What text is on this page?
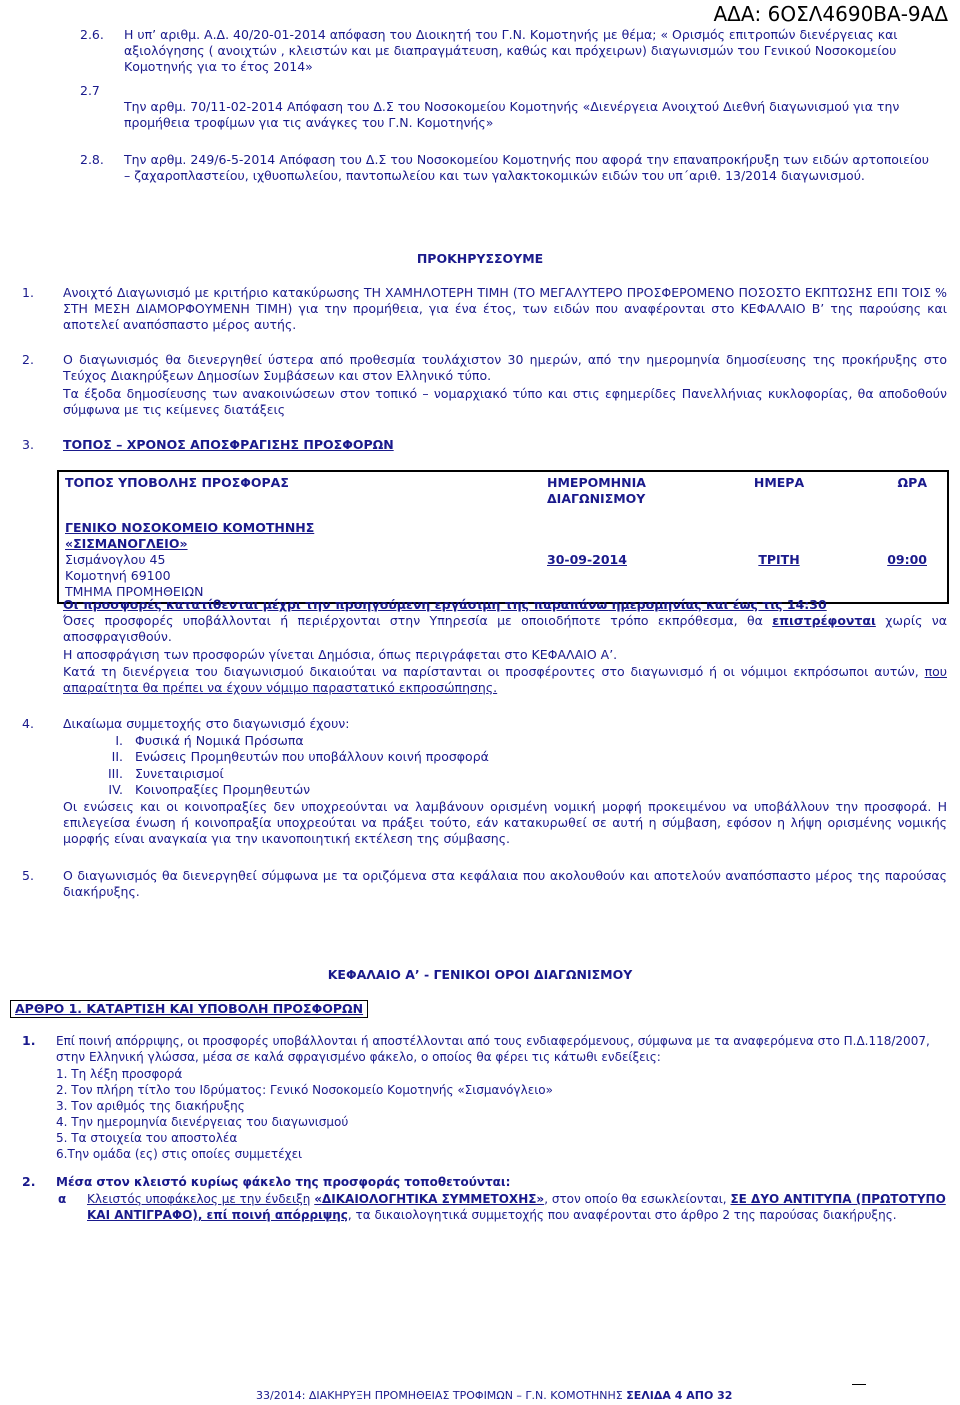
ΑΔΑ: 6ΟΣΛ4690ΒΑ-9ΑΔ
2.6. Η υπ’ αριθμ. Α.Δ. 40/20-01-2014 απόφαση του Διοικητή του Γ.Ν. Κομοτηνής με θέμα; « Ορισμός επιτροπών διενέργειας και αξιολόγησης ( ανοιχτών , κλειστών και με διαπραγμάτευση, καθώς και πρόχειρων) διαγωνισμών του Γενικού Νοσοκομείου Κομοτηνής για το έτος 2014»
2.7
Την αρθμ. 70/11-02-2014 Απόφαση του Δ.Σ του Νοσοκομείου Κομοτηνής «Διενέργεια Ανοιχτού Διεθνή διαγωνισμού για την προμήθεια τροφίμων για τις ανάγκες του Γ.Ν. Κομοτηνής»
2.8. Την αρθμ. 249/6-5-2014 Απόφαση του Δ.Σ του Νοσοκομείου Κομοτηνής που αφορά την επαναπροκήρυξη των ειδών αρτοποιείου – ζαχαροπλαστείου, ιχθυοπωλείου, παντοπωλείου και των γαλακτοκομικών ειδών του υπ΄αριθ. 13/2014 διαγωνισμού.
ΠΡΟΚΗΡΥΣΣΟΥΜΕ
1. Ανοιχτό Διαγωνισμό με κριτήριο κατακύρωσης ΤΗ ΧΑΜΗΛΟΤΕΡΗ ΤΙΜΗ (ΤΟ ΜΕΓΑΛΥΤΕΡΟ ΠΡΟΣΦΕΡΟΜΕΝΟ ΠΟΣΟΣΤΟ ΕΚΠΤΩΣΗΣ ΕΠΙ ΤΟΙΣ % ΣΤΗ ΜΕΣΗ ΔΙΑΜΟΡΦΟΥΜΕΝΗ ΤΙΜΗ) για την προμήθεια, για ένα έτος, των ειδών που αναφέρονται στο ΚΕΦΑΛΑΙΟ Β’ της παρούσης και αποτελεί αναπόσπαστο μέρος αυτής.
2. Ο διαγωνισμός θα διενεργηθεί ύστερα από προθεσμία τουλάχιστον 30 ημερών, από την ημερομηνία δημοσίευσης της προκήρυξης στο Τεύχος Διακηρύξεων Δημοσίων Συμβάσεων και στον Ελληνικό τύπο.
Τα έξοδα δημοσίευσης των ανακοινώσεων στον τοπικό – νομαρχιακό τύπο και στις εφημερίδες Πανελλήνιας κυκλοφορίας, θα αποδοθούν σύμφωνα με τις κείμενες διατάξεις
3. ΤΟΠΟΣ – ΧΡΟΝΟΣ ΑΠΟΣΦΡΑΓΙΣΗΣ ΠΡΟΣΦΟΡΩΝ
ΤΟΠΟΣ ΥΠΟΒΟΛΗΣ ΠΡΟΣΦΟΡΑΣ	ΗΜΕΡΟΜΗΝΙΑ ΔΙΑΓΩΝΙΣΜΟΥ	ΗΜΕΡΑ	ΩΡΑ

ΓΕΝΙΚΟ ΝΟΣΟΚΟΜΕΙΟ ΚΟΜΟΤΗΝΗΣ
«ΣΙΣΜΑΝΟΓΛΕΙΟ»
Σισμάνογλου 45
Κομοτηνή 69100
ΤΜΗΜΑ ΠΡΟΜΗΘΕΙΩΝ	30-09-2014	ΤΡΙΤΗ	09:00
Οι προσφορές κατατίθενται μέχρι την προηγούμενη εργάσιμη της παραπάνω ημερομηνίας και έως τις 14:30
Όσες προσφορές υποβάλλονται ή περιέρχονται στην Υπηρεσία με οποιοδήποτε τρόπο εκπρόθεσμα, θα επιστρέφονται χωρίς να αποσφραγισθούν.
Η αποσφράγιση των προσφορών γίνεται Δημόσια, όπως περιγράφεται στο ΚΕΦΑΛΑΙΟ Α’.
Κατά τη διενέργεια του διαγωνισμού δικαιούται να παρίστανται οι προσφέροντες στο διαγωνισμό ή οι νόμιμοι εκπρόσωποι αυτών, που απαραίτητα θα πρέπει να έχουν νόμιμο παραστατικό εκπροσώπησης.
4. Δικαίωμα συμμετοχής στο διαγωνισμό έχουν:
I. Φυσικά ή Νομικά Πρόσωπα
II. Ενώσεις Προμηθευτών που υποβάλλουν κοινή προσφορά
III. Συνεταιρισμοί
IV. Κοινοπραξίες Προμηθευτών
Οι ενώσεις και οι κοινοπραξίες δεν υποχρεούνται να λαμβάνουν ορισμένη νομική μορφή προκειμένου να υποβάλλουν την προσφορά. Η επιλεγείσα ένωση ή κοινοπραξία υποχρεούται να πράξει τούτο, εάν κατακυρωθεί σε αυτή η σύμβαση, εφόσον η λήψη ορισμένης νομικής μορφής είναι αναγκαία για την ικανοποιητική εκτέλεση της σύμβασης.
5. Ο διαγωνισμός θα διενεργηθεί σύμφωνα με τα οριζόμενα στα κεφάλαια που ακολουθούν και αποτελούν αναπόσπαστο μέρος της παρούσας διακήρυξης.
ΚΕΦΑΛΑΙΟ Α’ - ΓΕΝΙΚΟΙ ΟΡΟΙ ΔΙΑΓΩΝΙΣΜΟΥ
ΑΡΘΡΟ 1. ΚΑΤΑΡΤΙΣΗ ΚΑΙ ΥΠΟΒΟΛΗ ΠΡΟΣΦΟΡΩΝ
1. Επί ποινή απόρριψης, οι προσφορές υποβάλλονται ή αποστέλλονται από τους ενδιαφερόμενους, σύμφωνα με τα αναφερόμενα στο Π.Δ.118/2007, στην Ελληνική γλώσσα, μέσα σε καλά σφραγισμένο φάκελο, ο οποίος θα φέρει τις κάτωθι ενδείξεις:
1. Τη λέξη προσφορά
2. Τον πλήρη τίτλο του Ιδρύματος: Γενικό Νοσοκομείο Κομοτηνής «Σισμανόγλειο»
3. Τον αριθμός της διακήρυξης
4. Την ημερομηνία διενέργειας του διαγωνισμού
5. Τα στοιχεία του αποστολέα
6.Την ομάδα (ες) στις οποίες συμμετέχει
2. Μέσα στον κλειστό κυρίως φάκελο της προσφοράς τοποθετούνται:
α Κλειστός υποφάκελος με την ένδειξη «ΔΙΚΑΙΟΛΟΓΗΤΙΚΑ ΣΥΜΜΕΤΟΧΗΣ», στον οποίο θα εσωκλείονται, ΣΕ ΔΥΟ ΑΝΤΙΤΥΠΑ (ΠΡΩΤΟΤΥΠΟ ΚΑΙ ΑΝΤΙΓΡΑΦΟ), επί ποινή απόρριψης, τα δικαιολογητικά συμμετοχής που αναφέρονται στο άρθρο 2 της παρούσας διακήρυξης.
33/2014: ΔΙΑΚΗΡΥΞΗ ΠΡΟΜΗΘΕΙΑΣ ΤΡΟΦΙΜΩΝ – Γ.Ν. ΚΟΜΟΤΗΝΗΣ ΣΕΛΙΔΑ 4 ΑΠΟ 32
